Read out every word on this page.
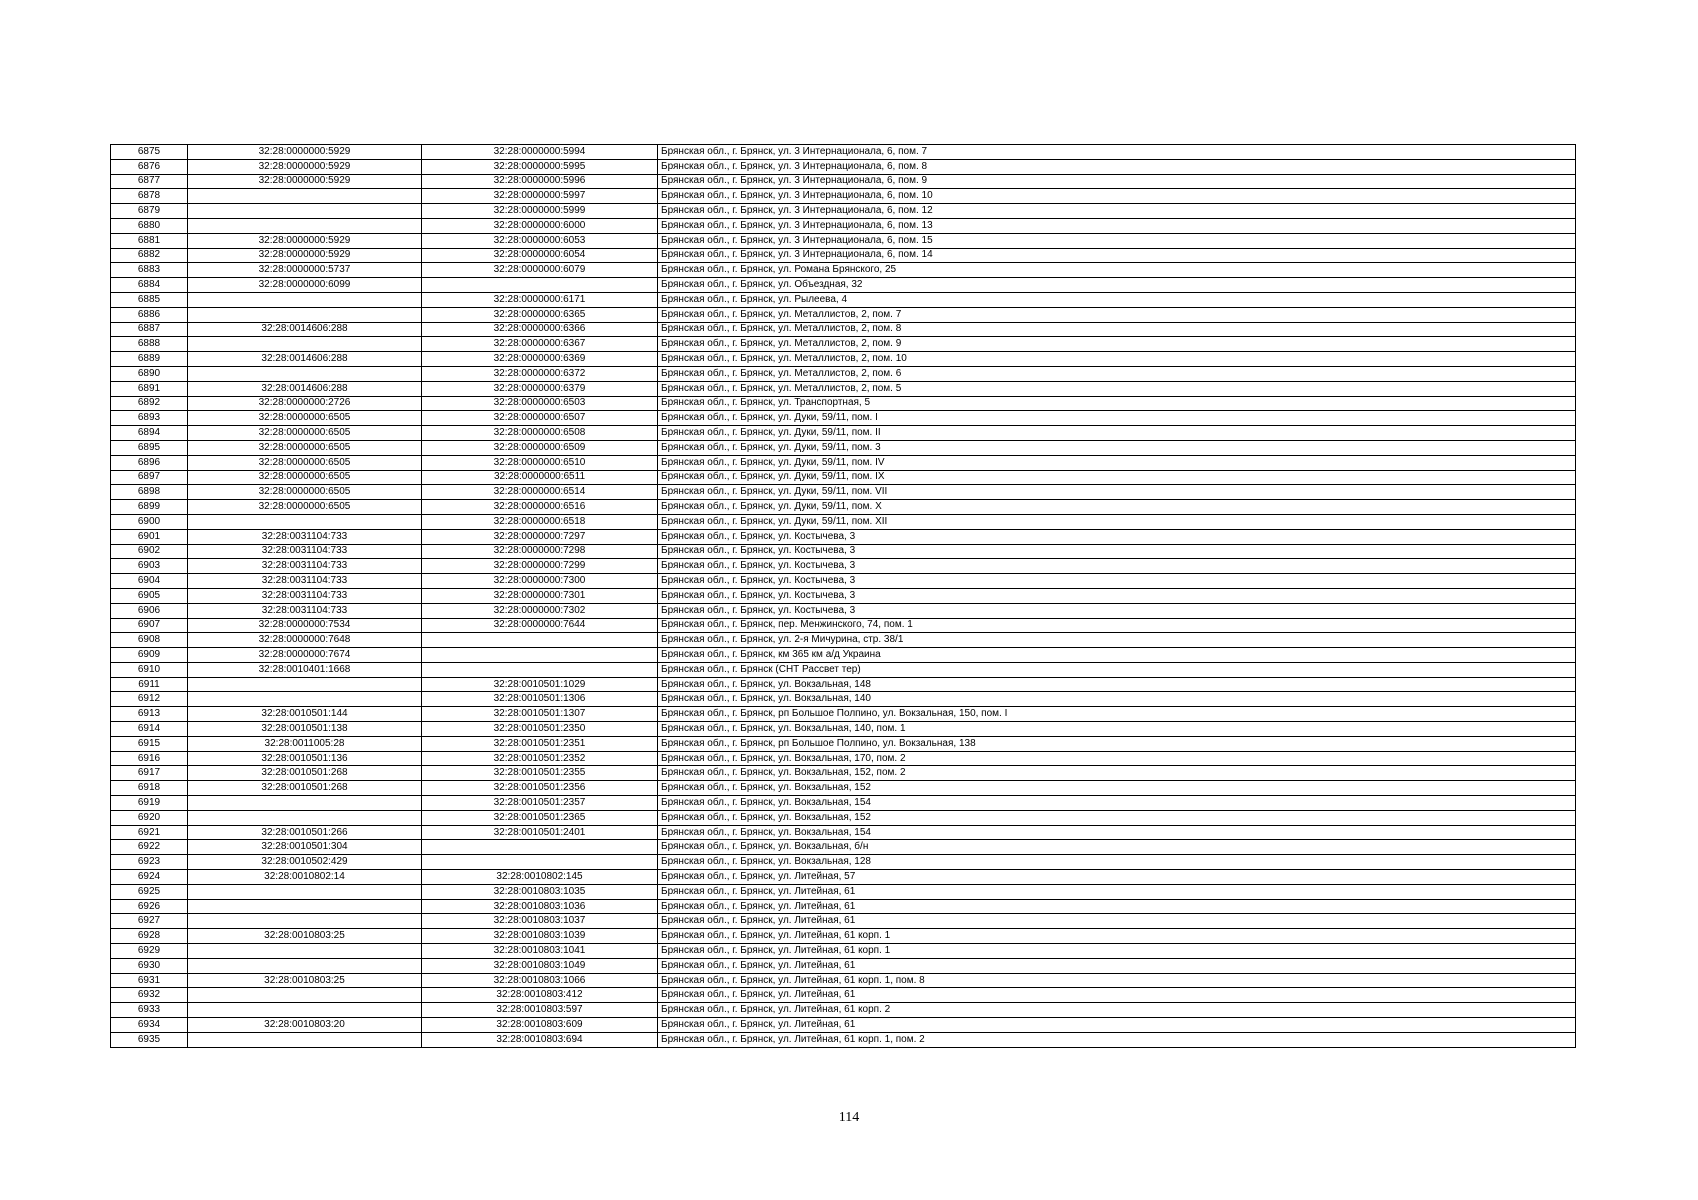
6875	32:28:0000000:5929	32:28:0000000:5994	Брянская обл., г. Брянск, ул. 3 Интернационала, 6, пом. 7
6876	32:28:0000000:5929	32:28:0000000:5995	Брянская обл., г. Брянск, ул. 3 Интернационала, 6, пом. 8
6877	32:28:0000000:5929	32:28:0000000:5996	Брянская обл., г. Брянск, ул. 3 Интернационала, 6, пом. 9
6878		32:28:0000000:5997	Брянская обл., г. Брянск, ул. 3 Интернационала, 6, пом. 10
6879		32:28:0000000:5999	Брянская обл., г. Брянск, ул. 3 Интернационала, 6, пом. 12
6880		32:28:0000000:6000	Брянская обл., г. Брянск, ул. 3 Интернационала, 6, пом. 13
6881	32:28:0000000:5929	32:28:0000000:6053	Брянская обл., г. Брянск, ул. 3 Интернационала, 6, пом. 15
6882	32:28:0000000:5929	32:28:0000000:6054	Брянская обл., г. Брянск, ул. 3 Интернационала, 6, пом. 14
6883	32:28:0000000:5737	32:28:0000000:6079	Брянская обл., г. Брянск, ул. Романа Брянского, 25
6884	32:28:0000000:6099		Брянская обл., г. Брянск, ул. Объездная, 32
6885		32:28:0000000:6171	Брянская обл., г. Брянск, ул. Рылеева, 4
6886		32:28:0000000:6365	Брянская обл., г. Брянск, ул. Металлистов, 2, пом. 7
6887	32:28:0014606:288	32:28:0000000:6366	Брянская обл., г. Брянск, ул. Металлистов, 2, пом. 8
6888		32:28:0000000:6367	Брянская обл., г. Брянск, ул. Металлистов, 2, пом. 9
6889	32:28:0014606:288	32:28:0000000:6369	Брянская обл., г. Брянск, ул. Металлистов, 2, пом. 10
6890		32:28:0000000:6372	Брянская обл., г. Брянск, ул. Металлистов, 2, пом. 6
6891	32:28:0014606:288	32:28:0000000:6379	Брянская обл., г. Брянск, ул. Металлистов, 2, пом. 5
6892	32:28:0000000:2726	32:28:0000000:6503	Брянская обл., г. Брянск, ул. Транспортная, 5
6893	32:28:0000000:6505	32:28:0000000:6507	Брянская обл., г. Брянск, ул. Дуки, 59/11, пом. I
6894	32:28:0000000:6505	32:28:0000000:6508	Брянская обл., г. Брянск, ул. Дуки, 59/11, пом. II
6895	32:28:0000000:6505	32:28:0000000:6509	Брянская обл., г. Брянск, ул. Дуки, 59/11, пом. 3
6896	32:28:0000000:6505	32:28:0000000:6510	Брянская обл., г. Брянск, ул. Дуки, 59/11, пом. IV
6897	32:28:0000000:6505	32:28:0000000:6511	Брянская обл., г. Брянск, ул. Дуки, 59/11, пом. IX
6898	32:28:0000000:6505	32:28:0000000:6514	Брянская обл., г. Брянск, ул. Дуки, 59/11, пом. VII
6899	32:28:0000000:6505	32:28:0000000:6516	Брянская обл., г. Брянск, ул. Дуки, 59/11, пом. X
6900		32:28:0000000:6518	Брянская обл., г. Брянск, ул. Дуки, 59/11, пом. XII
6901	32:28:0031104:733	32:28:0000000:7297	Брянская обл., г. Брянск, ул. Костычева, 3
6902	32:28:0031104:733	32:28:0000000:7298	Брянская обл., г. Брянск, ул. Костычева, 3
6903	32:28:0031104:733	32:28:0000000:7299	Брянская обл., г. Брянск, ул. Костычева, 3
6904	32:28:0031104:733	32:28:0000000:7300	Брянская обл., г. Брянск, ул. Костычева, 3
6905	32:28:0031104:733	32:28:0000000:7301	Брянская обл., г. Брянск, ул. Костычева, 3
6906	32:28:0031104:733	32:28:0000000:7302	Брянская обл., г. Брянск, ул. Костычева, 3
6907	32:28:0000000:7534	32:28:0000000:7644	Брянская обл., г. Брянск, пер. Менжинского, 74, пом. 1
6908	32:28:0000000:7648		Брянская обл., г. Брянск, ул. 2-я Мичурина, стр. 38/1
6909	32:28:0000000:7674		Брянская обл., г. Брянск, км 365 км а/д Украина
6910	32:28:0010401:1668		Брянская обл., г. Брянск (СНТ Рассвет тер)
6911		32:28:0010501:1029	Брянская обл., г. Брянск, ул. Вокзальная, 148
6912		32:28:0010501:1306	Брянская обл., г. Брянск, ул. Вокзальная, 140
6913	32:28:0010501:144	32:28:0010501:1307	Брянская обл., г. Брянск, рп Большое Полпино, ул. Вокзальная, 150, пом. I
6914	32:28:0010501:138	32:28:0010501:2350	Брянская обл., г. Брянск, ул. Вокзальная, 140, пом. 1
6915	32:28:0011005:28	32:28:0010501:2351	Брянская обл., г. Брянск, рп Большое Полпино, ул. Вокзальная, 138
6916	32:28:0010501:136	32:28:0010501:2352	Брянская обл., г. Брянск, ул. Вокзальная, 170, пом. 2
6917	32:28:0010501:268	32:28:0010501:2355	Брянская обл., г. Брянск, ул. Вокзальная, 152, пом. 2
6918	32:28:0010501:268	32:28:0010501:2356	Брянская обл., г. Брянск, ул. Вокзальная, 152
6919		32:28:0010501:2357	Брянская обл., г. Брянск, ул. Вокзальная, 154
6920		32:28:0010501:2365	Брянская обл., г. Брянск, ул. Вокзальная, 152
6921	32:28:0010501:266	32:28:0010501:2401	Брянская обл., г. Брянск, ул. Вокзальная, 154
6922	32:28:0010501:304		Брянская обл., г. Брянск, ул. Вокзальная, б/н
6923	32:28:0010502:429		Брянская обл., г. Брянск, ул. Вокзальная, 128
6924	32:28:0010802:14	32:28:0010802:145	Брянская обл., г. Брянск, ул. Литейная, 57
6925		32:28:0010803:1035	Брянская обл., г. Брянск, ул. Литейная, 61
6926		32:28:0010803:1036	Брянская обл., г. Брянск, ул. Литейная, 61
6927		32:28:0010803:1037	Брянская обл., г. Брянск, ул. Литейная, 61
6928	32:28:0010803:25	32:28:0010803:1039	Брянская обл., г. Брянск, ул. Литейная, 61 корп. 1
6929		32:28:0010803:1041	Брянская обл., г. Брянск, ул. Литейная, 61 корп. 1
6930		32:28:0010803:1049	Брянская обл., г. Брянск, ул. Литейная, 61
6931	32:28:0010803:25	32:28:0010803:1066	Брянская обл., г. Брянск, ул. Литейная, 61 корп. 1, пом. 8
6932		32:28:0010803:412	Брянская обл., г. Брянск, ул. Литейная, 61
6933		32:28:0010803:597	Брянская обл., г. Брянск, ул. Литейная, 61 корп. 2
6934	32:28:0010803:20	32:28:0010803:609	Брянская обл., г. Брянск, ул. Литейная, 61
6935		32:28:0010803:694	Брянская обл., г. Брянск, ул. Литейная, 61 корп. 1, пом. 2
114
